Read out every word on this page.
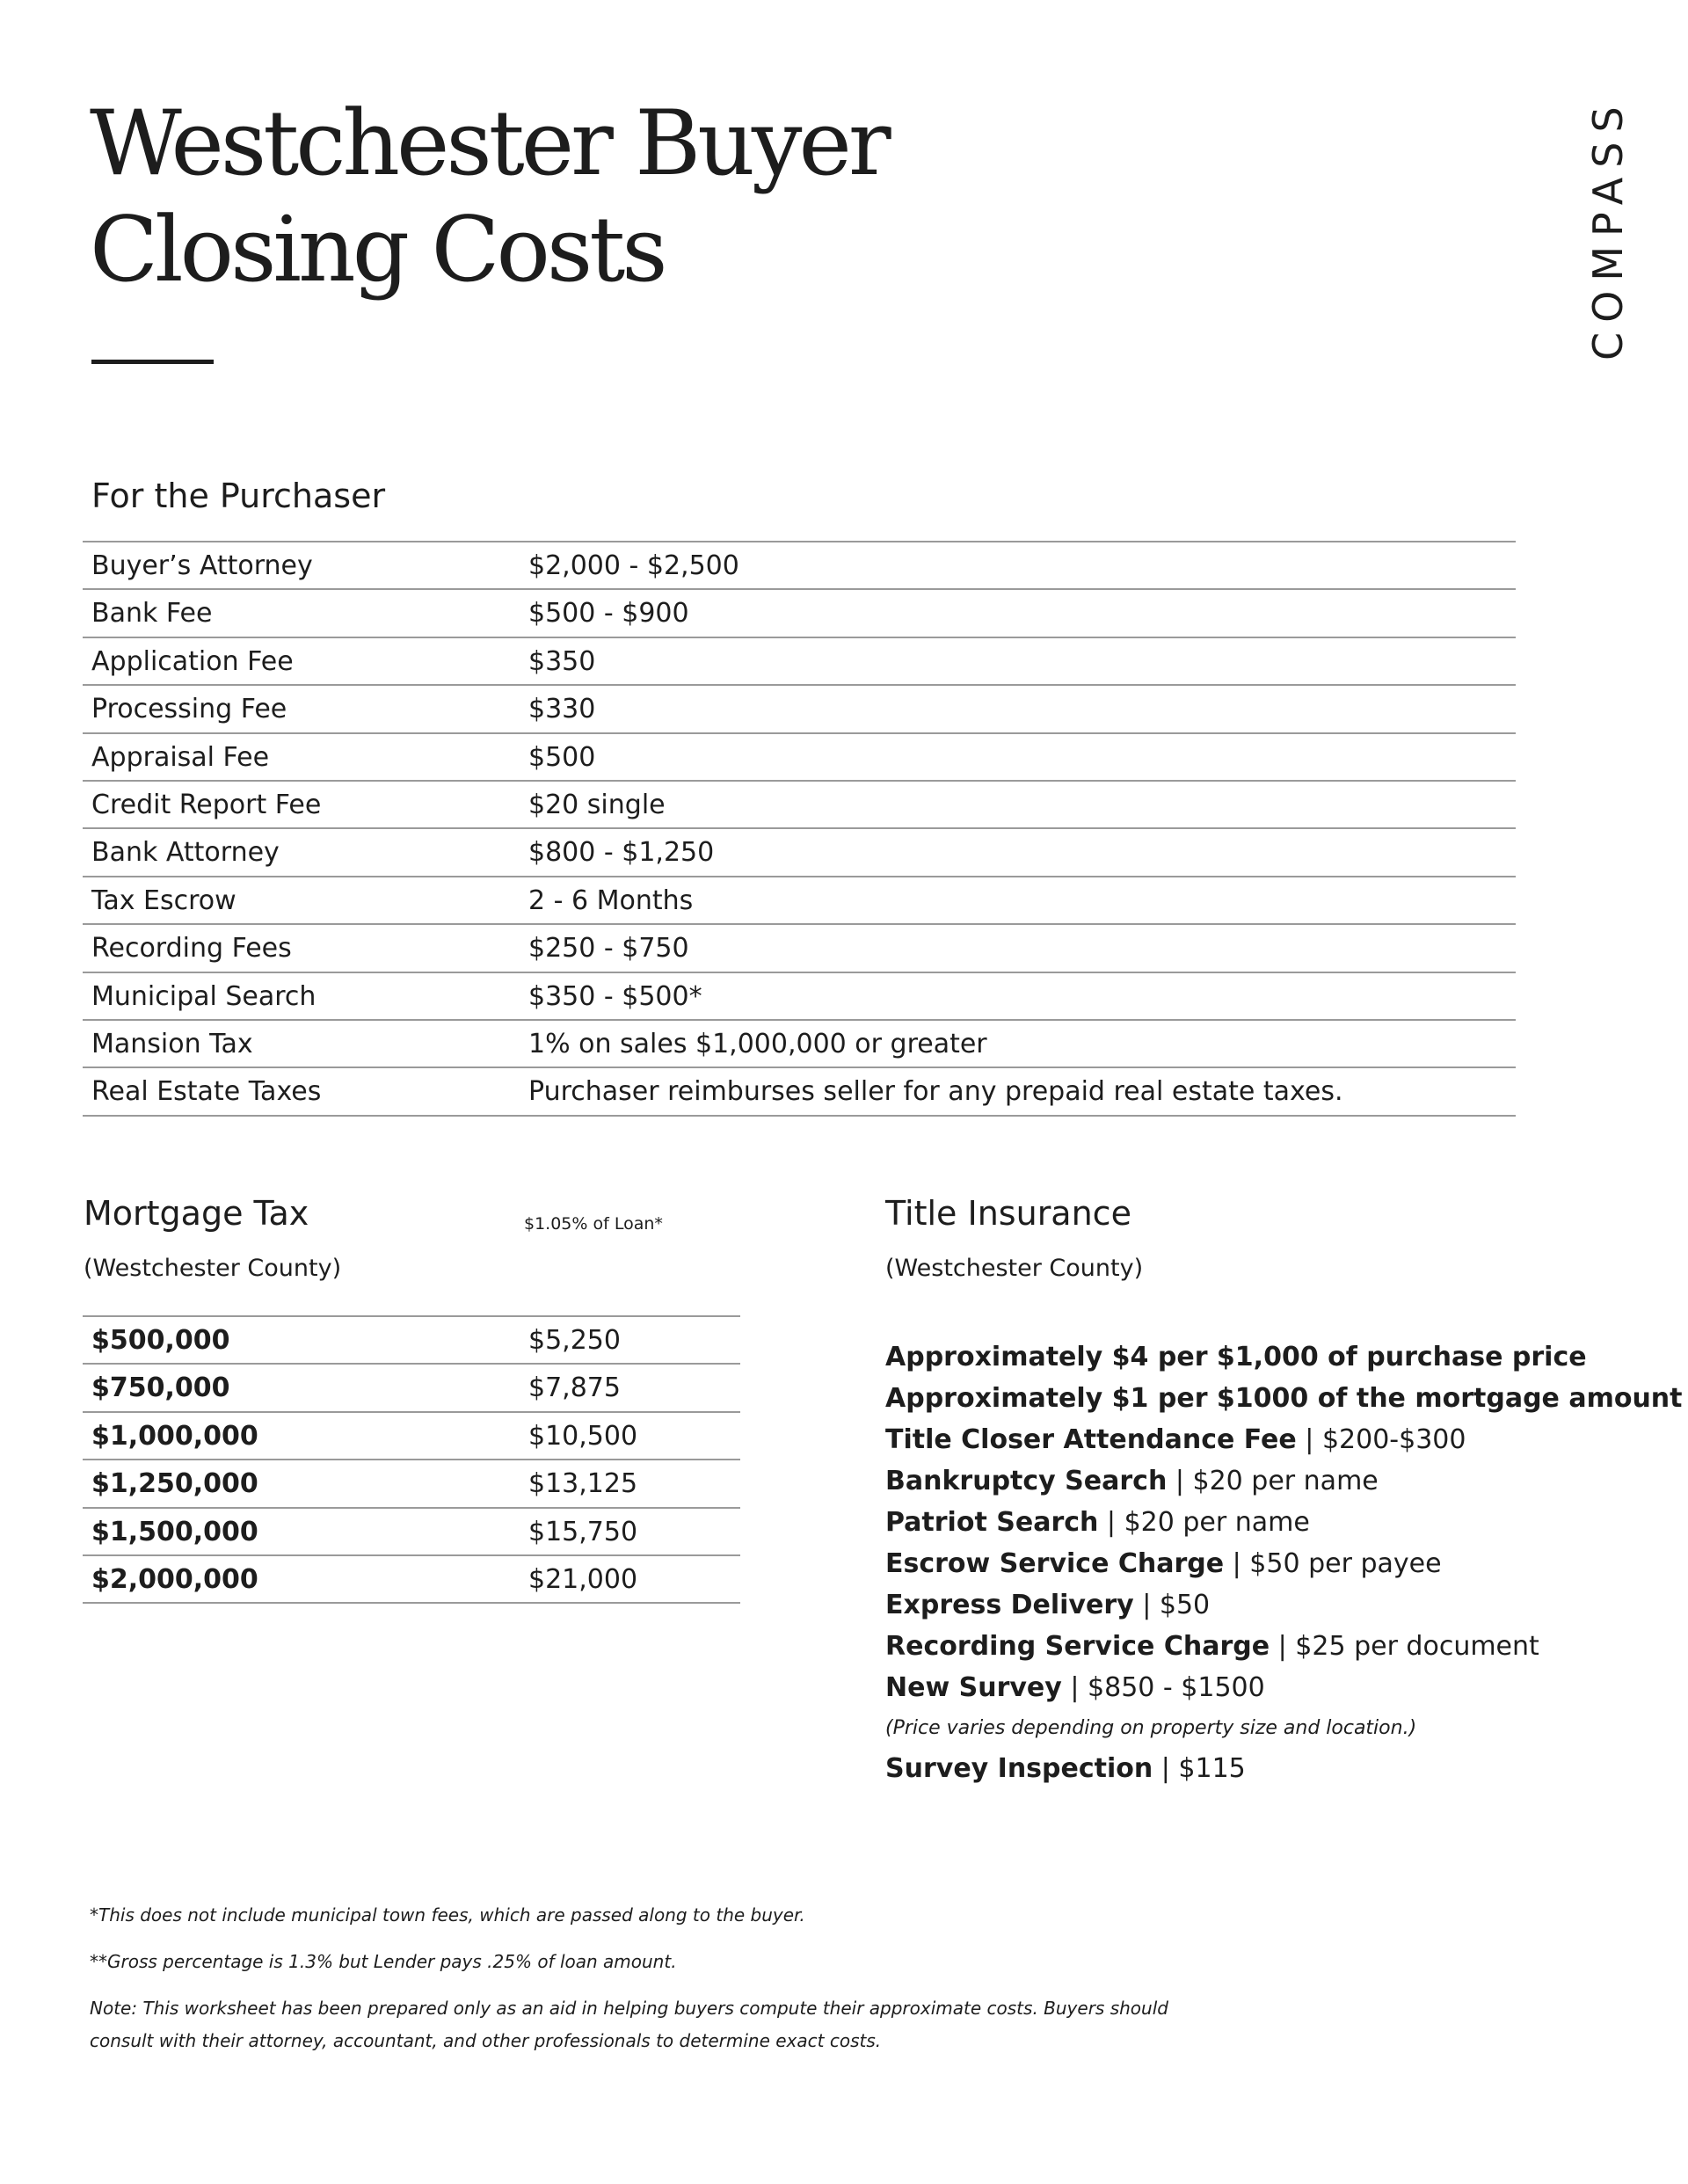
Westchester Buyer
Closing Costs	COMPASS
For the Purchaser
Buyer’s Attorney	$2,000 - $2,500
Bank Fee	$500 - $900
Application Fee	$350
Processing Fee	$330
Appraisal Fee	$500
Credit Report Fee	$20 single
Bank Attorney	$800 - $1,250
Tax Escrow	2 - 6 Months
Recording Fees	$250 - $750
Municipal Search	$350 - $500*
Mansion Tax	1% on sales $1,000,000 or greater
Real Estate Taxes	Purchaser reimburses seller for any prepaid real estate taxes.
Mortgage Tax	$1.05% of Loan*

(Westchester County)

$500,000	$5,250
$750,000	$7,875
$1,000,000	$10,500
$1,250,000	$13,125
$1,500,000	$15,750
$2,000,000	$21,000
Title Insurance

(Westchester County)

Approximately $4 per $1,000 of purchase price
Approximately $1 per $1000 of the mortgage amount
Title Closer Attendance Fee | $200-$300
Bankruptcy Search | $20 per name
Patriot Search | $20 per name
Escrow Service Charge | $50 per payee
Express Delivery | $50
Recording Service Charge | $25 per document
New Survey | $850 - $1500
(Price varies depending on property size and location.)
Survey Inspection | $115

*This does not include municipal town fees, which are passed along to the buyer.

**Gross percentage is 1.3% but Lender pays .25% of loan amount.

Note: This worksheet has been prepared only as an aid in helping buyers compute their approximate costs. Buyers should

consult with their attorney, accountant, and other professionals to determine exact costs.
